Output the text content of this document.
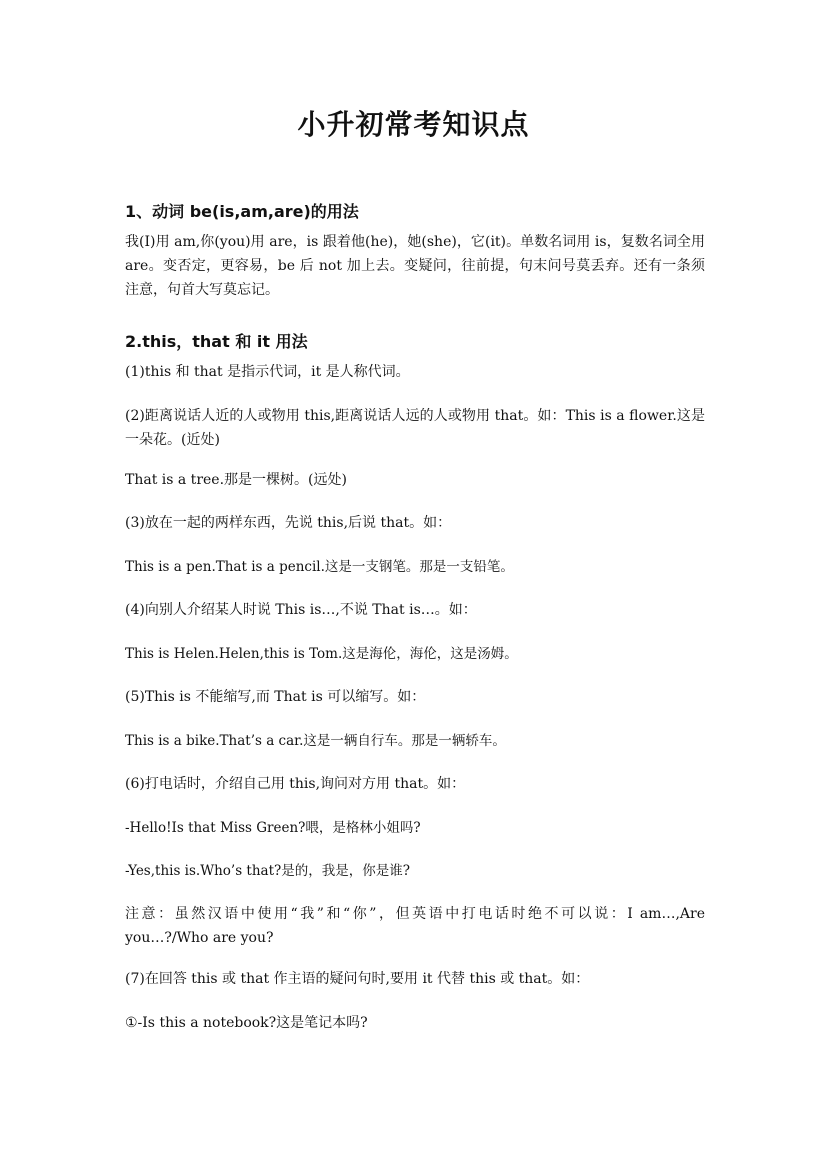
小升初常考知识点
1、动词 be(is,am,are)的用法
我(I)用 am,你(you)用 are，is 跟着他(he)，她(she)，它(it)。单数名词用 is，复数名词全用 are。变否定，更容易，be 后 not 加上去。变疑问，往前提，句末问号莫丢弃。还有一条须注意，句首大写莫忘记。
2.this，that 和 it 用法
(1)this 和 that 是指示代词，it 是人称代词。
(2)距离说话人近的人或物用 this,距离说话人远的人或物用 that。如：This is a flower.这是一朵花。(近处)
That is a tree.那是一棵树。(远处)
(3)放在一起的两样东西，先说 this,后说 that。如：
This is a pen.That is a pencil.这是一支钢笔。那是一支铅笔。
(4)向别人介绍某人时说 This is…,不说 That is…。如：
This is Helen.Helen,this is Tom.这是海伦，海伦，这是汤姆。
(5)This is 不能缩写,而 That is 可以缩写。如：
This is a bike.That’s a car.这是一辆自行车。那是一辆轿车。
(6)打电话时，介绍自己用 this,询问对方用 that。如：
-Hello!Is that Miss Green?喂，是格林小姐吗?
-Yes,this is.Who’s that?是的，我是，你是谁?
注意：虽然汉语中使用“我”和“你”，但英语中打电话时绝不可以说：I am…,Are you…?/Who are you?
(7)在回答 this 或 that 作主语的疑问句时,要用 it 代替 this 或 that。如：
①-Is this a notebook?这是笔记本吗?
